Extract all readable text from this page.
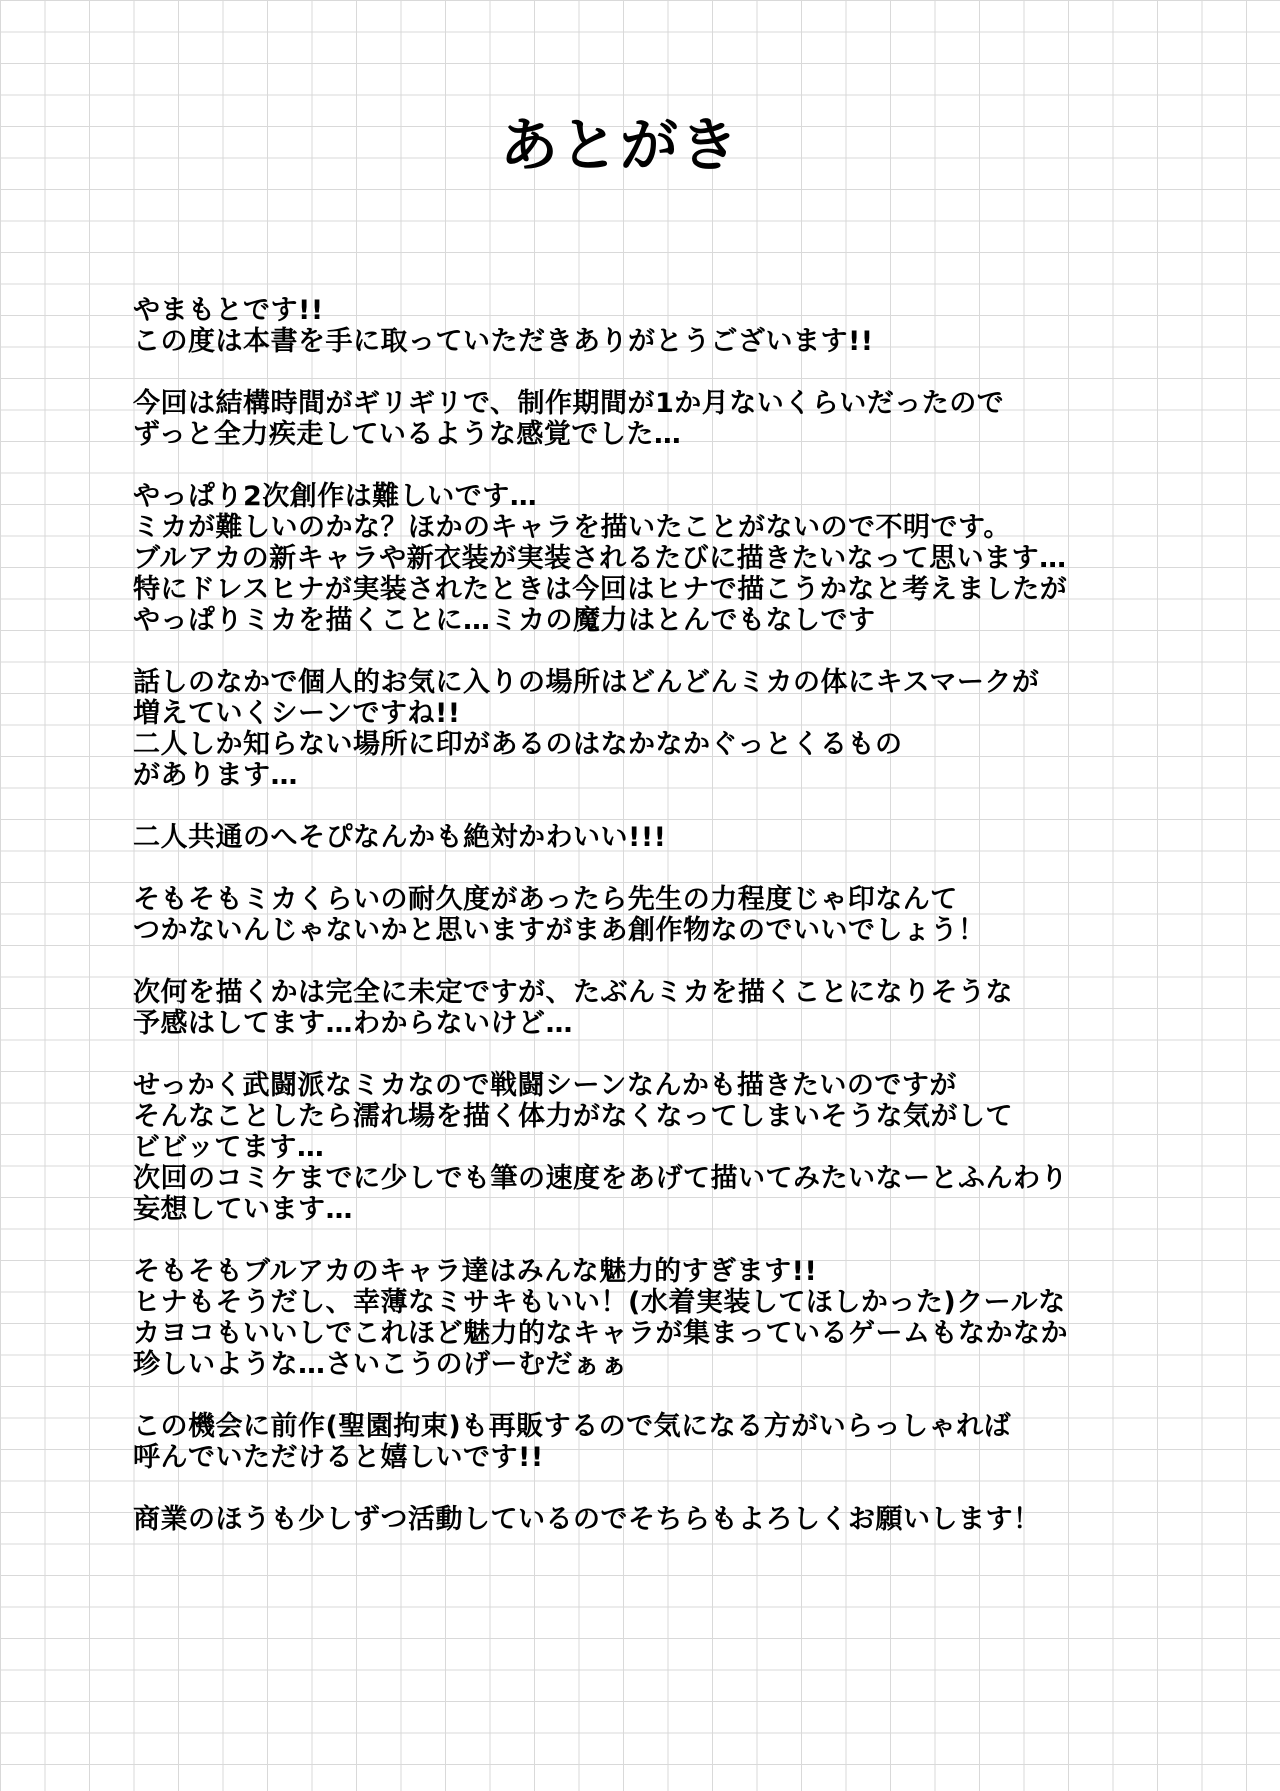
あとがき
やまもとです!!
この度は本書を手に取っていただきありがとうございます!!
今回は結構時間がギリギリで、制作期間が1か月ないくらいだったので
ずっと全力疾走しているような感覚でした…
やっぱり2次創作は難しいです…
ミカが難しいのかな？ほかのキャラを描いたことがないので不明です。
ブルアカの新キャラや新衣装が実装されるたびに描きたいなって思います…
特にドレスヒナが実装されたときは今回はヒナで描こうかなと考えましたが
やっぱりミカを描くことに…ミカの魔力はとんでもなしです
話しのなかで個人的お気に入りの場所はどんどんミカの体にキスマークが
増えていくシーンですね!!
二人しか知らない場所に印があるのはなかなかぐっとくるもの
があります…
二人共通のへそぴなんかも絶対かわいい!!!
そもそもミカくらいの耐久度があったら先生の力程度じゃ印なんて
つかないんじゃないかと思いますがまあ創作物なのでいいでしょう！
次何を描くかは完全に未定ですが、たぶんミカを描くことになりそうな
予感はしてます…わからないけど…
せっかく武闘派なミカなので戦闘シーンなんかも描きたいのですが
そんなことしたら濡れ場を描く体力がなくなってしまいそうな気がして
ビビッてます…
次回のコミケまでに少しでも筆の速度をあげて描いてみたいなーとふんわり
妄想しています…
そもそもブルアカのキャラ達はみんな魅力的すぎます!!
ヒナもそうだし、幸薄なミサキもいい！(水着実装してほしかった)クールな
カヨコもいいしでこれほど魅力的なキャラが集まっているゲームもなかなか
珍しいような…さいこうのげーむだぁぁ
この機会に前作(聖園拘束)も再販するので気になる方がいらっしゃれば
呼んでいただけると嬉しいです!!
商業のほうも少しずつ活動しているのでそちらもよろしくお願いします！
